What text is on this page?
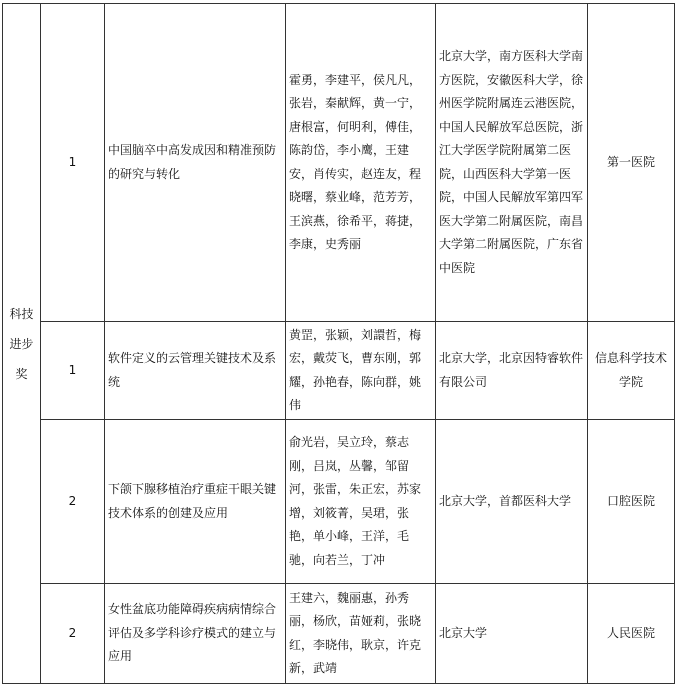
科技
进步
奖	1	中国脑卒中高发成因和精准预防的研究与转化	霍勇，李建平，侯凡凡，张岩，秦献辉，黄一宁，唐根富，何明利，傅佳，陈韵岱，李小鹰，王建安，肖传实，赵连友，程晓曙，蔡业峰，范芳芳，王滨燕，徐希平，蒋捷，李康，史秀丽	北京大学，南方医科大学南方医院，安徽医科大学，徐州医学院附属连云港医院，中国人民解放军总医院，浙江大学医学院附属第二医院，山西医科大学第一医院，中国人民解放军第四军医大学第二附属医院，南昌大学第二附属医院，广东省中医院	第一医院
	1	软件定义的云管理关键技术及系统	黄罡，张颖，刘譞哲，梅宏，戴荧飞，曹东刚，郭耀，孙艳春，陈向群，姚伟	北京大学，北京因特睿软件有限公司	信息科学技术学院
	2	下颌下腺移植治疗重症干眼关键技术体系的创建及应用	俞光岩，吴立玲，蔡志刚，吕岚，丛馨，邹留河，张雷，朱正宏，苏家增，刘筱菁，吴珺，张艳，单小峰，王洋，毛驰，向若兰，丁冲	北京大学，首都医科大学	口腔医院
	2	女性盆底功能障碍疾病病情综合评估及多学科诊疗模式的建立与应用	王建六，魏丽惠，孙秀丽，杨欣，苗娅莉，张晓红，李晓伟，耿京，许克新，武靖	北京大学	人民医院
